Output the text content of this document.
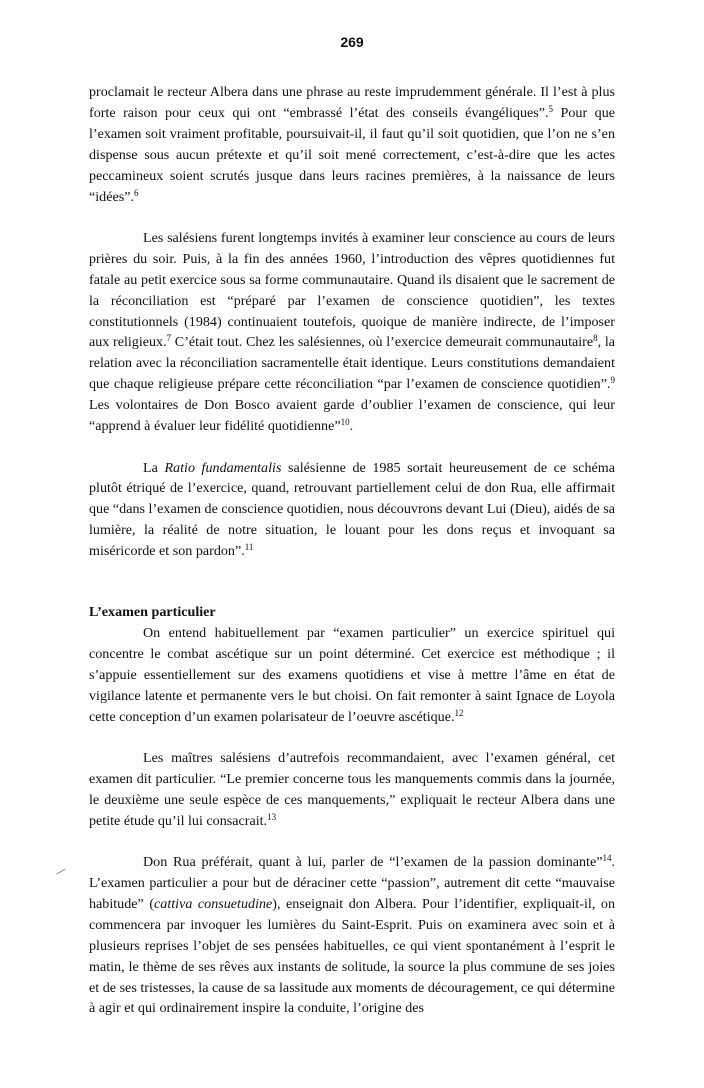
269

proclamait le recteur Albera dans une phrase au reste imprudemment générale. Il l’est à plus forte raison pour ceux qui ont “embrassé l’état des conseils évangéliques”.$^5$ Pour que l’examen soit vraiment profitable, poursuivait-il, il faut qu’il soit quotidien, que l’on ne s’en dispense sous aucun prétexte et qu’il soit mené correctement, c’est-à-dire que les actes peccamineux soient scrutés jusque dans leurs racines premières, à la naissance de leurs “idées”.$^6$

Les salésiens furent longtemps invités à examiner leur conscience au cours de leurs prières du soir. Puis, à la fin des années 1960, l’introduction des vêpres quotidiennes fut fatale au petit exercice sous sa forme communautaire. Quand ils disaient que le sacrement de la réconciliation est “préparé par l’examen de conscience quotidien”, les textes constitutionnels (1984) continuaient toutefois, quoique de manière indirecte, de l’imposer aux religieux.$^7$ C’était tout. Chez les salésiennes, où l’exercice demeurait communautaire$^8$, la relation avec la réconciliation sacramentelle était identique. Leurs constitutions demandaient que chaque religieuse prépare cette réconciliation “par l’examen de conscience quotidien”.$^9$ Les volontaires de Don Bosco avaient garde d’oublier l’examen de conscience, qui leur “apprend à évaluer leur fidélité quotidienne”$^{10}$.

La Ratio fundamentalis salésienne de 1985 sortait heureusement de ce schéma plutôt étriqué de l’exercice, quand, retrouvant partiellement celui de don Rua, elle affirmait que “dans l’examen de conscience quotidien, nous découvrons devant Lui (Dieu), aidés de sa lumière, la réalité de notre situation, le louant pour les dons reçus et invoquant sa miséricorde et son pardon”.$^{11}$

L’examen particulier

On entend habituellement par “examen particulier” un exercice spirituel qui concentre le combat ascétique sur un point déterminé. Cet exercice est méthodique ; il s’appuie essentiellement sur des examens quotidiens et vise à mettre l’âme en état de vigilance latente et permanente vers le but choisi. On fait remonter à saint Ignace de Loyola cette conception d’un examen polarisateur de l’oeuvre ascétique.$^{12}$

Les maîtres salésiens d’autrefois recommandaient, avec l’examen général, cet examen dit particulier. “Le premier concerne tous les manquements commis dans la journée, le deuxième une seule espèce de ces manquements,” expliquait le recteur Albera dans une petite étude qu’il lui consacrait.$^{13}$

Don Rua préférait, quant à lui, parler de “l’examen de la passion dominante”$^{14}$. L’examen particulier a pour but de déraciner cette “passion”, autrement dit cette “mauvaise habitude” (cattiva consuetudine), enseignait don Albera. Pour l’identifier, expliquait-il, on commencera par invoquer les lumières du Saint-Esprit. Puis on examinera avec soin et à plusieurs reprises l’objet de ses pensées habituelles, ce qui vient spontanément à l’esprit le matin, le thème de ses rêves aux instants de solitude, la source la plus commune de ses joies et de ses tristesses, la cause de sa lassitude aux moments de découragement, ce qui détermine à agir et qui ordinairement inspire la conduite, l’origine des
